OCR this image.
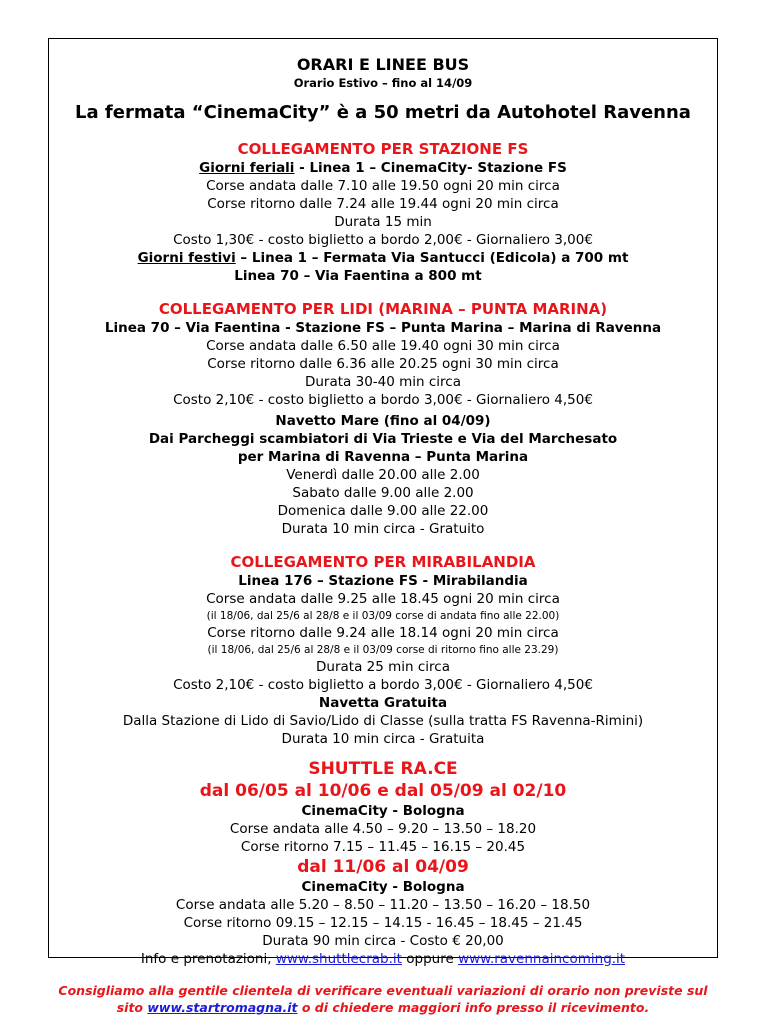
ORARI E LINEE BUS
Orario Estivo – fino al 14/09
La fermata “CinemaCity” è a 50 metri da Autohotel Ravenna
COLLEGAMENTO PER STAZIONE FS
Giorni feriali - Linea 1 – CinemaCity- Stazione FS
Corse andata dalle 7.10 alle 19.50 ogni 20 min circa
Corse ritorno dalle 7.24 alle 19.44 ogni 20 min circa
Durata 15 min
Costo 1,30€ - costo biglietto a bordo 2,00€ - Giornaliero 3,00€
Giorni festivi – Linea 1 – Fermata Via Santucci (Edicola) a 700 mt
Linea 70 – Via Faentina a 800 mt
COLLEGAMENTO PER LIDI (MARINA – PUNTA MARINA)
Linea 70 – Via Faentina - Stazione FS – Punta Marina – Marina di Ravenna
Corse andata dalle 6.50 alle 19.40 ogni 30 min circa
Corse ritorno dalle 6.36 alle 20.25 ogni 30 min circa
Durata 30-40 min circa
Costo 2,10€ - costo biglietto a bordo 3,00€ - Giornaliero 4,50€
Navetto Mare (fino al 04/09)
Dai Parcheggi scambiatori di Via Trieste e Via del Marchesato
per Marina di Ravenna – Punta Marina
Venerdì dalle 20.00 alle 2.00
Sabato dalle 9.00 alle 2.00
Domenica dalle 9.00 alle 22.00
Durata 10 min circa - Gratuito
COLLEGAMENTO PER MIRABILANDIA
Linea 176 – Stazione FS - Mirabilandia
Corse andata dalle 9.25 alle 18.45 ogni 20 min circa
(il 18/06, dal 25/6 al 28/8 e il 03/09 corse di andata fino alle 22.00)
Corse ritorno dalle 9.24 alle 18.14 ogni 20 min circa
(il 18/06, dal 25/6 al 28/8 e il 03/09 corse di ritorno fino alle 23.29)
Durata 25 min circa
Costo 2,10€ - costo biglietto a bordo 3,00€ - Giornaliero 4,50€
Navetta Gratuita
Dalla Stazione di Lido di Savio/Lido di Classe (sulla tratta FS Ravenna-Rimini)
Durata 10 min circa - Gratuita
SHUTTLE RA.CE
dal 06/05 al 10/06 e dal 05/09 al 02/10
CinemaCity - Bologna
Corse andata alle 4.50 – 9.20 – 13.50 – 18.20
Corse ritorno 7.15 – 11.45 – 16.15 – 20.45
dal 11/06 al 04/09
CinemaCity - Bologna
Corse andata alle 5.20 – 8.50 – 11.20 – 13.50 – 16.20 – 18.50
Corse ritorno 09.15 – 12.15 – 14.15 - 16.45 – 18.45 – 21.45
Durata 90 min circa - Costo € 20,00
Info e prenotazioni, www.shuttlecrab.it oppure www.ravennaincoming.it
Consigliamo alla gentile clientela di verificare eventuali variazioni di orario non previste sul
sito www.startromagna.it o di chiedere maggiori info presso il ricevimento.
